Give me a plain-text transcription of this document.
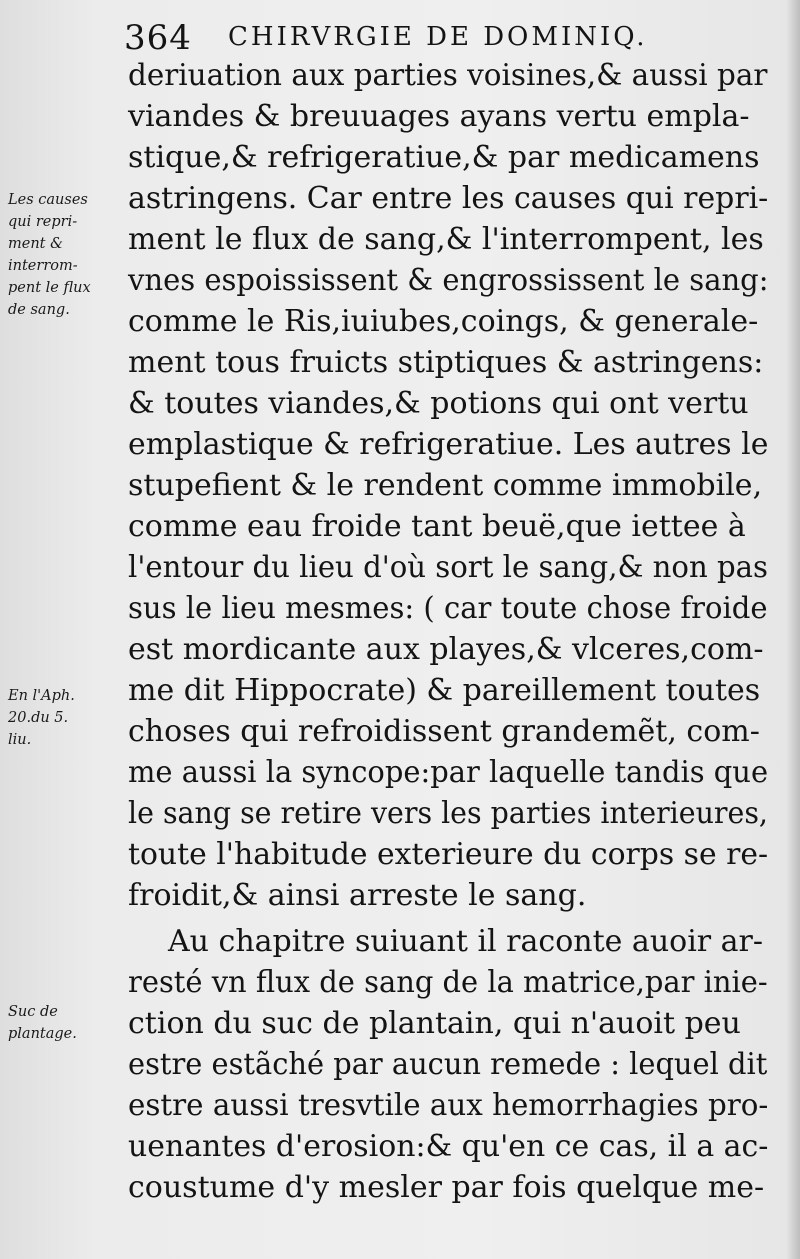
364 CHIRVRGIE DE DOMINIQ.
Les causes
qui repri-
ment &
interrom-
pent le flux
de sang.
En l'Aph.
20.du 5.
liu.
Suc de
plantage.
deriuation aux parties voisines,& aussi par
viandes & breuuages ayans vertu empla-
stique,& refrigeratiue,& par medicamens
astringens. Car entre les causes qui repri-
ment le flux de sang,& l'interrompent, les
vnes espoississent & engrossissent le sang:
comme le Ris,iuiubes,coings, & generale-
ment tous fruicts stiptiques & astringens:
& toutes viandes,& potions qui ont vertu
emplastique & refrigeratiue. Les autres le
stupefient & le rendent comme immobile,
comme eau froide tant beuë,que iettee à
l'entour du lieu d'où sort le sang,& non pas
sus le lieu mesmes: ( car toute chose froide
est mordicante aux playes,& vlceres,com-
me dit Hippocrate) & pareillement toutes
choses qui refroidissent grandemẽt, com-
me aussi la syncope:par laquelle tandis que
le sang se retire vers les parties interieures,
toute l'habitude exterieure du corps se re-
froidit,& ainsi arreste le sang.
Au chapitre suiuant il raconte auoir ar-
resté vn flux de sang de la matrice,par inie-
ction du suc de plantain, qui n'auoit peu
estre estãché par aucun remede : lequel dit
estre aussi tresvtile aux hemorrhagies pro-
uenantes d'erosion:& qu'en ce cas, il a ac-
coustume d'y mesler par fois quelque me-
